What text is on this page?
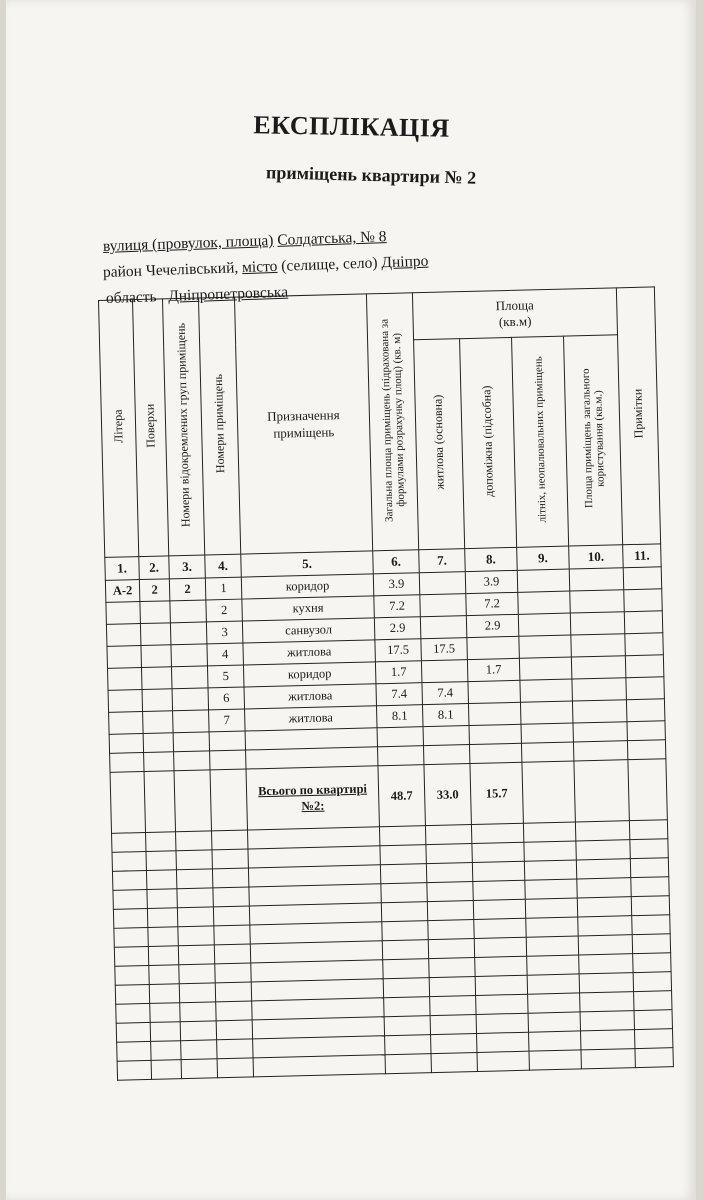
ЕКСПЛІКАЦІЯ
приміщень квартири № 2
вулиця (провулок, площа) Солдатська, № 8
район Чечелівський, місто (селище, село) Дніпро
область Дніпропетровська
Літера	Поверхи	Номери відокремлених груп приміщень	Номери приміщень	Призначення приміщень	Загальна площа приміщень (підрахована за формулами розрахунку площ) (кв. м)	Площа
(кв.м)				Примітки
						житлова (основна)	допоміжна (підсобна)	літніх, неопалювальних приміщень	Площа приміщень загального користування (кв.м.)	
1.	2.	3.	4.	5.	6.	7.	8.	9.	10.	11.
А-2	2	2	1	коридор	3.9		3.9			
			2	кухня	7.2		7.2			
			3	санвузол	2.9		2.9			
			4	житлова	17.5	17.5				
			5	коридор	1.7		1.7			
			6	житлова	7.4	7.4				
			7	житлова	8.1	8.1				

				Всього по квартирі №2:	48.7	33.0	15.7			
